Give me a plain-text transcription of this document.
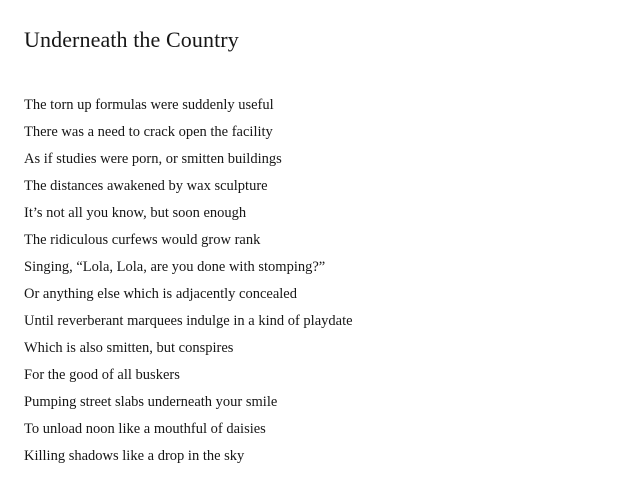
Underneath the Country
The torn up formulas were suddenly useful
There was a need to crack open the facility
As if studies were porn, or smitten buildings
The distances awakened by wax sculpture
It’s not all you know, but soon enough
The ridiculous curfews would grow rank
Singing, “Lola, Lola, are you done with stomping?”
Or anything else which is adjacently concealed
Until reverberant marquees indulge in a kind of playdate
Which is also smitten, but conspires
For the good of all buskers
Pumping street slabs underneath your smile
To unload noon like a mouthful of daisies
Killing shadows like a drop in the sky
